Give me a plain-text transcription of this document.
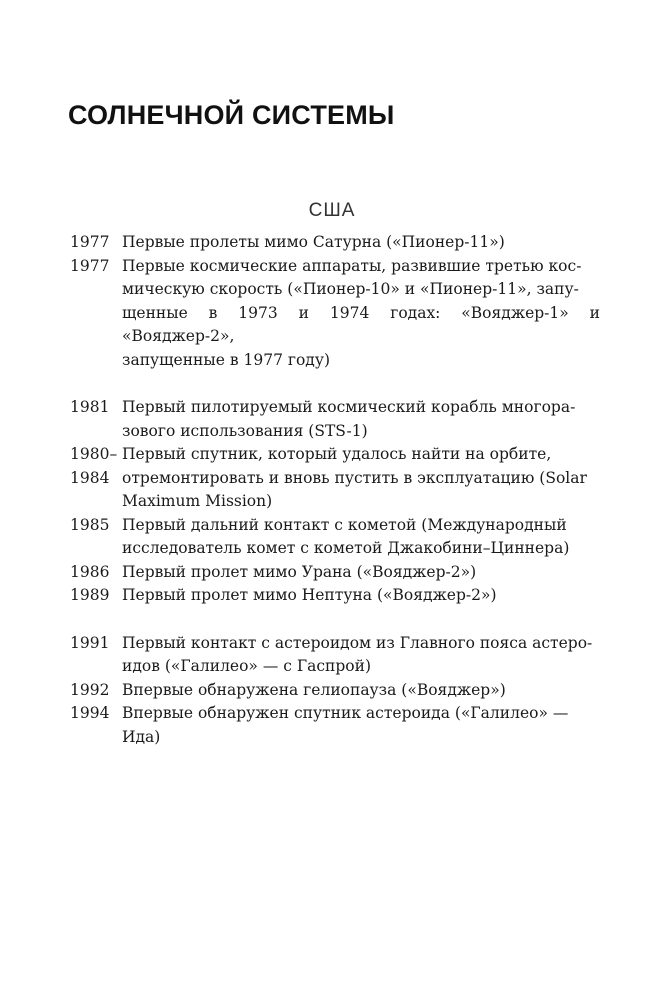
СОЛНЕЧНОЙ СИСТЕМЫ
США
1977 Первые пролеты мимо Сатурна («Пионер-11»)
1977 Первые космические аппараты, развившие третью кос-
мическую скорость («Пионер-10» и «Пионер-11», запу-
щенные в 1973 и 1974 годах: «Вояджер-1» и «Вояджер-2»,
запущенные в 1977 году)
1981 Первый пилотируемый космический корабль многора-
зового использования (STS-1)
1980–
1984
Первый спутник, который удалось найти на орбите,
отремонтировать и вновь пустить в эксплуатацию (Solar
Maximum Mission)
1985 Первый дальний контакт с кометой (Международный
исследователь комет с кометой Джакобини–Циннера)
1986 Первый пролет мимо Урана («Вояджер-2»)
1989 Первый пролет мимо Нептуна («Вояджер-2»)
1991 Первый контакт с астероидом из Главного пояса астеро-
идов («Галилео» — с Гаспрой)
1992 Впервые обнаружена гелиопауза («Вояджер»)
1994 Впервые обнаружен спутник астероида («Галилео» —
Ида)
